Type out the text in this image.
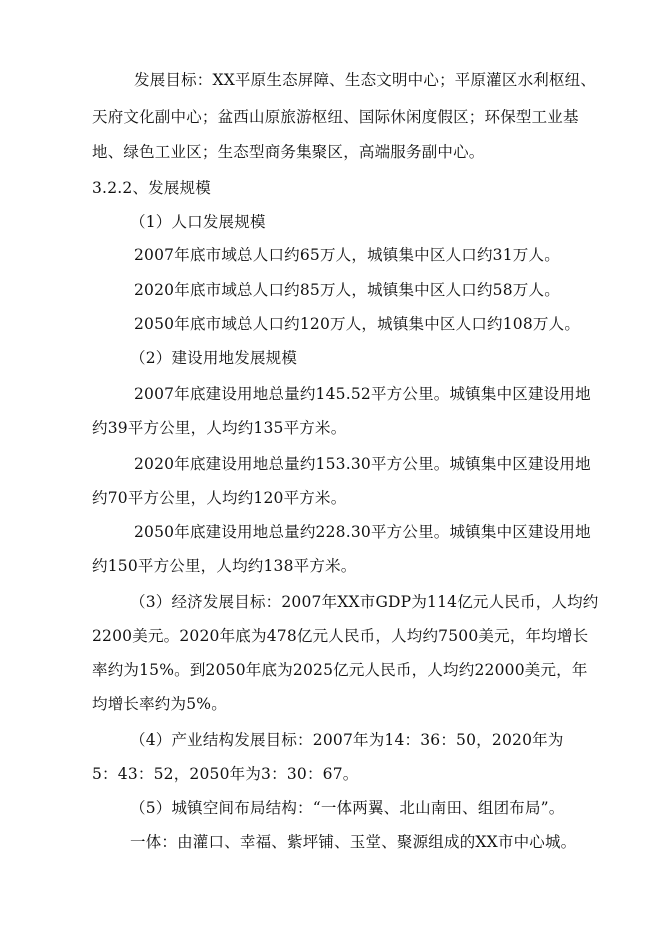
发展目标：XX平原生态屏障、生态文明中心；平原灌区水利枢纽、
天府文化副中心；盆西山原旅游枢纽、国际休闲度假区；环保型工业基
地、绿色工业区；生态型商务集聚区，高端服务副中心。
3.2.2、发展规模
（1）人口发展规模
2007年底市域总人口约65万人，城镇集中区人口约31万人。
2020年底市域总人口约85万人，城镇集中区人口约58万人。
2050年底市域总人口约120万人，城镇集中区人口约108万人。
（2）建设用地发展规模
2007年底建设用地总量约145.52平方公里。城镇集中区建设用地
约39平方公里，人均约135平方米。
2020年底建设用地总量约153.30平方公里。城镇集中区建设用地
约70平方公里，人均约120平方米。
2050年底建设用地总量约228.30平方公里。城镇集中区建设用地
约150平方公里，人均约138平方米。
（3）经济发展目标：2007年XX市GDP为114亿元人民币，人均约
2200美元。2020年底为478亿元人民币，人均约7500美元，年均增长
率约为15%。到2050年底为2025亿元人民币，人均约22000美元，年
均增长率约为5%。
（4）产业结构发展目标：2007年为14：36：50，2020年为
5：43：52，2050年为3：30：67。
（5）城镇空间布局结构：“一体两翼、北山南田、组团布局”。
一体：由灌口、幸福、紫坪铺、玉堂、聚源组成的XX市中心城。
